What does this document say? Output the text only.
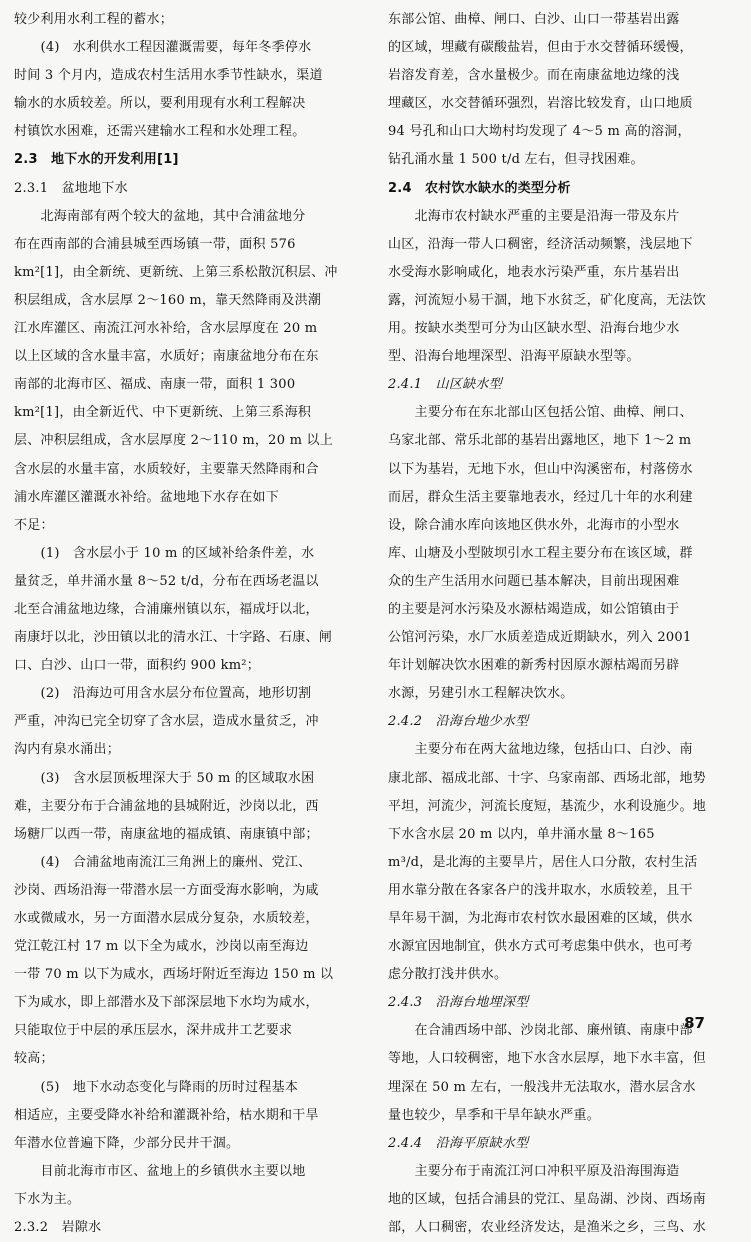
较少利用水利工程的蓄水；
　　(4)　水利供水工程因灌溉需要，每年冬季停水
时间 3 个月内，造成农村生活用水季节性缺水，渠道
输水的水质较差。所以，要利用现有水利工程解决
村镇饮水困难，还需兴建输水工程和水处理工程。
2.3　地下水的开发利用[1]
2.3.1　盆地地下水
　　北海南部有两个较大的盆地，其中合浦盆地分
布在西南部的合浦县城至西场镇一带，面积 576
km²[1]，由全新统、更新统、上第三系松散沉积层、冲
积层组成，含水层厚 2～160 m，靠天然降雨及洪潮
江水库灌区、南流江河水补给，含水层厚度在 20 m
以上区域的含水量丰富，水质好；南康盆地分布在东
南部的北海市区、福成、南康一带，面积 1 300
km²[1]，由全新近代、中下更新统、上第三系海积
层、冲积层组成，含水层厚度 2～110 m，20 m 以上
含水层的水量丰富，水质较好，主要靠天然降雨和合
浦水库灌区灌溉水补给。盆地地下水存在如下
不足：
　　(1)　含水层小于 10 m 的区域补给条件差，水
量贫乏，单井涌水量 8～52 t/d，分布在西场老温以
北至合浦盆地边缘，合浦廉州镇以东，福成圩以北，
南康圩以北，沙田镇以北的清水江、十字路、石康、闸
口、白沙、山口一带，面积约 900 km²；
　　(2)　沿海边可用含水层分布位置高，地形切割
严重，冲沟已完全切穿了含水层，造成水量贫乏，冲
沟内有泉水涌出；
　　(3)　含水层顶板埋深大于 50 m 的区域取水困
难，主要分布于合浦盆地的县城附近，沙岗以北，西
场糖厂以西一带，南康盆地的福成镇、南康镇中部；
　　(4)　合浦盆地南流江三角洲上的廉州、党江、
沙岗、西场沿海一带潜水层一方面受海水影响，为咸
水或微咸水，另一方面潜水层成分复杂，水质较差，
党江乾江村 17 m 以下全为咸水，沙岗以南至海边
一带 70 m 以下为咸水，西场圩附近至海边 150 m 以
下为咸水，即上部潜水及下部深层地下水均为咸水，
只能取位于中层的承压层水，深井成井工艺要求
较高；
　　(5)　地下水动态变化与降雨的历时过程基本
相适应，主要受降水补给和灌溉补给，枯水期和干旱
年潜水位普遍下降，少部分民井干涸。
　　目前北海市市区、盆地上的乡镇供水主要以地
下水为主。
2.3.2　岩隙水
东部公馆、曲樟、闸口、白沙、山口一带基岩出露
的区域，埋藏有碳酸盐岩，但由于水交替循环缓慢，
岩溶发育差，含水量极少。而在南康盆地边缘的浅
埋藏区，水交替循环强烈，岩溶比较发育，山口地质
94 号孔和山口大坳村均发现了 4～5 m 高的溶洞，
钻孔涌水量 1 500 t/d 左右，但寻找困难。
2.4　农村饮水缺水的类型分析
　　北海市农村缺水严重的主要是沿海一带及东片
山区，沿海一带人口稠密，经济活动频繁，浅层地下
水受海水影响咸化，地表水污染严重，东片基岩出
露，河流短小易干涸，地下水贫乏，矿化度高，无法饮
用。按缺水类型可分为山区缺水型、沿海台地少水
型、沿海台地埋深型、沿海平原缺水型等。
2.4.1　山区缺水型
　　主要分布在东北部山区包括公馆、曲樟、闸口、
乌家北部、常乐北部的基岩出露地区，地下 1～2 m
以下为基岩，无地下水，但山中沟溪密布，村落傍水
而居，群众生活主要靠地表水，经过几十年的水利建
设，除合浦水库向该地区供水外，北海市的小型水
库、山塘及小型陂坝引水工程主要分布在该区域，群
众的生产生活用水问题已基本解决，目前出现困难
的主要是河水污染及水源枯竭造成，如公馆镇由于
公馆河污染，水厂水质差造成近期缺水，列入 2001
年计划解决饮水困难的新秀村因原水源枯竭而另辟
水源，另建引水工程解决饮水。
2.4.2　沿海台地少水型
　　主要分布在两大盆地边缘，包括山口、白沙、南
康北部、福成北部、十字、乌家南部、西场北部，地势
平坦，河流少，河流长度短，基流少，水利设施少。地
下水含水层 20 m 以内，单井涌水量 8～165
m³/d，是北海的主要旱片，居住人口分散，农村生活
用水靠分散在各家各户的浅井取水，水质较差，且干
旱年易干涸，为北海市农村饮水最困难的区域，供水
水源宜因地制宜，供水方式可考虑集中供水，也可考
虑分散打浅井供水。
2.4.3　沿海台地埋深型
　　在合浦西场中部、沙岗北部、廉州镇、南康中部
等地，人口较稠密，地下水含水层厚，地下水丰富，但
埋深在 50 m 左右，一般浅井无法取水，潜水层含水
量也较少，旱季和干旱年缺水严重。
2.4.4　沿海平原缺水型
　　主要分布于南流江河口冲积平原及沿海围海造
地的区域，包括合浦县的党江、星岛湖、沙岗、西场南
部，人口稠密，农业经济发达，是渔米之乡，三鸟、水
87
